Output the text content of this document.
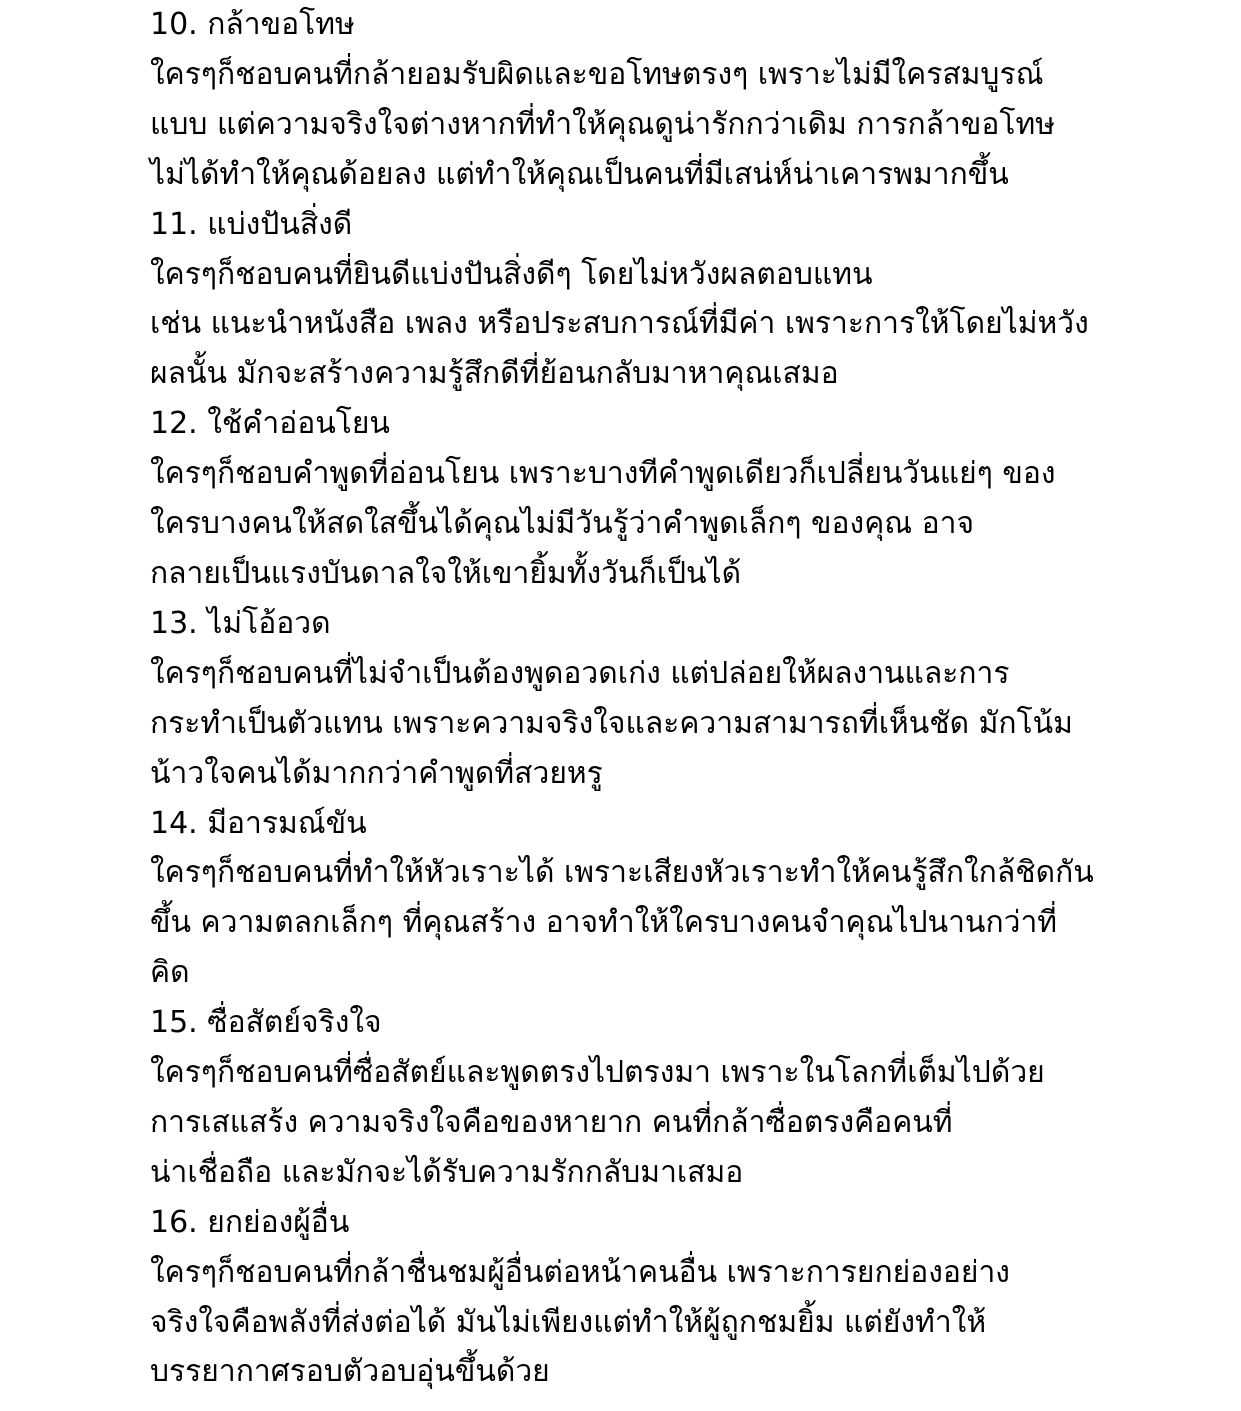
10. กล้าขอโทษ
ใครๆก็ชอบคนที่กล้ายอมรับผิดและขอโทษตรงๆ เพราะไม่มีใครสมบูรณ์
แบบ แต่ความจริงใจต่างหากที่ทำให้คุณดูน่ารักกว่าเดิม การกล้าขอโทษ
ไม่ได้ทำให้คุณด้อยลง แต่ทำให้คุณเป็นคนที่มีเสน่ห์น่าเคารพมากขึ้น
11. แบ่งปันสิ่งดี
ใครๆก็ชอบคนที่ยินดีแบ่งปันสิ่งดีๆ โดยไม่หวังผลตอบแทน
เช่น แนะนำหนังสือ เพลง หรือประสบการณ์ที่มีค่า เพราะการให้โดยไม่หวัง
ผลนั้น มักจะสร้างความรู้สึกดีที่ย้อนกลับมาหาคุณเสมอ
12. ใช้คำอ่อนโยน
ใครๆก็ชอบคำพูดที่อ่อนโยน เพราะบางทีคำพูดเดียวก็เปลี่ยนวันแย่ๆ ของ
ใครบางคนให้สดใสขึ้นได้คุณไม่มีวันรู้ว่าคำพูดเล็กๆ ของคุณ อาจ
กลายเป็นแรงบันดาลใจให้เขายิ้มทั้งวันก็เป็นได้
13. ไม่โอ้อวด
ใครๆก็ชอบคนที่ไม่จำเป็นต้องพูดอวดเก่ง แต่ปล่อยให้ผลงานและการ
กระทำเป็นตัวแทน เพราะความจริงใจและความสามารถที่เห็นชัด มักโน้ม
น้าวใจคนได้มากกว่าคำพูดที่สวยหรู
14. มีอารมณ์ขัน
ใครๆก็ชอบคนที่ทำให้หัวเราะได้ เพราะเสียงหัวเราะทำให้คนรู้สึกใกล้ชิดกัน
ขึ้น ความตลกเล็กๆ ที่คุณสร้าง อาจทำให้ใครบางคนจำคุณไปนานกว่าที่
คิด
15. ซื่อสัตย์จริงใจ
ใครๆก็ชอบคนที่ซื่อสัตย์และพูดตรงไปตรงมา เพราะในโลกที่เต็มไปด้วย
การเสแสร้ง ความจริงใจคือของหายาก คนที่กล้าซื่อตรงคือคนที่
น่าเชื่อถือ และมักจะได้รับความรักกลับมาเสมอ
16. ยกย่องผู้อื่น
ใครๆก็ชอบคนที่กล้าชื่นชมผู้อื่นต่อหน้าคนอื่น เพราะการยกย่องอย่าง
จริงใจคือพลังที่ส่งต่อได้ มันไม่เพียงแต่ทำให้ผู้ถูกชมยิ้ม แต่ยังทำให้
บรรยากาศรอบตัวอบอุ่นขึ้นด้วย
